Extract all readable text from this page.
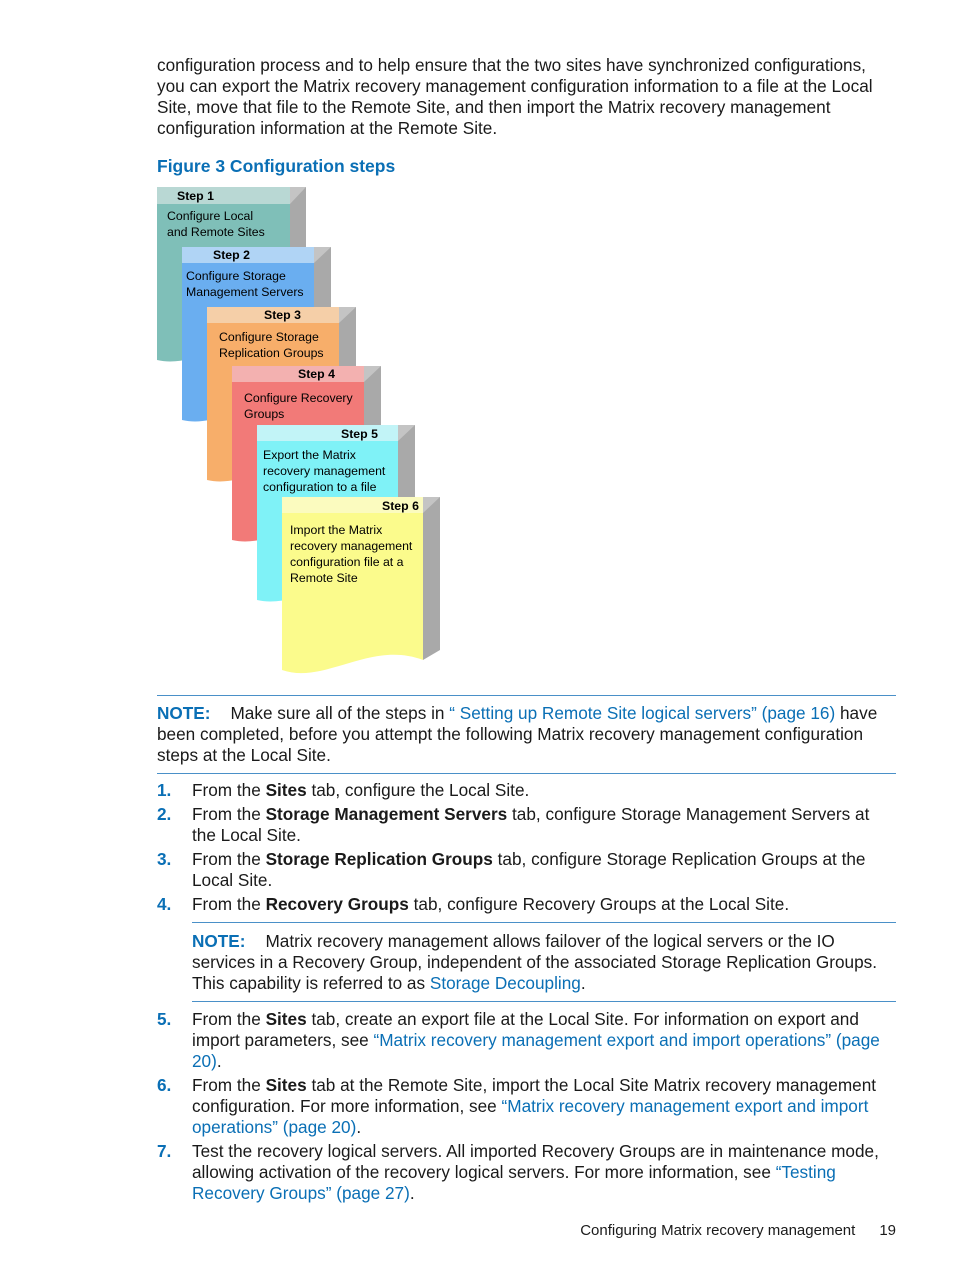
configuration process and to help ensure that the two sites have synchronized configurations, you can export the Matrix recovery management configuration information to a file at the Local Site, move that file to the Remote Site, and then import the Matrix recovery management configuration information at the Remote Site.

Figure 3 Configuration steps

Step 1
Configure Local
and Remote Sites
Step 2
Configure Storage
Management Servers
Step 3
Configure Storage
Replication Groups
Step 4
Configure Recovery
Groups
Step 5
Export the Matrix
recovery management
configuration to a file
Step 6
Import the Matrix
recovery management
configuration file at a
Remote Site
NOTE: Make sure all of the steps in “ Setting up Remote Site logical servers” (page 16) have been completed, before you attempt the following Matrix recovery management configuration steps at the Local Site.
1. From the Sites tab, configure the Local Site.
2. From the Storage Management Servers tab, configure Storage Management Servers at the Local Site.
3. From the Storage Replication Groups tab, configure Storage Replication Groups at the Local Site.
4. From the Recovery Groups tab, configure Recovery Groups at the Local Site.
NOTE: Matrix recovery management allows failover of the logical servers or the IO services in a Recovery Group, independent of the associated Storage Replication Groups. This capability is referred to as Storage Decoupling.
5. From the Sites tab, create an export file at the Local Site. For information on export and import parameters, see “Matrix recovery management export and import operations” (page 20).
6. From the Sites tab at the Remote Site, import the Local Site Matrix recovery management configuration. For more information, see “Matrix recovery management export and import operations” (page 20).
7. Test the recovery logical servers. All imported Recovery Groups are in maintenance mode, allowing activation of the recovery logical servers. For more information, see “Testing Recovery Groups” (page 27).
Configuring Matrix recovery management 19
